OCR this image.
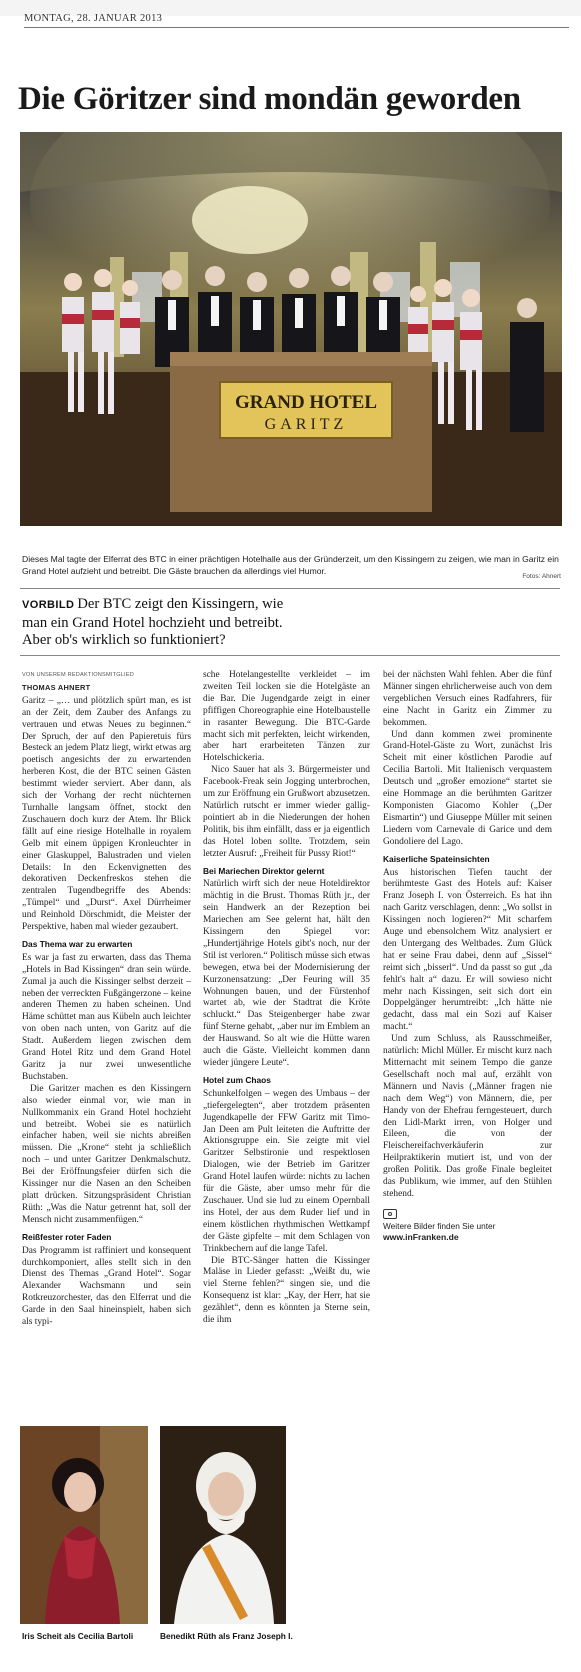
MONTAG, 28. JANUAR 2013
Die Göritzer sind mondän geworden
GRAND HOTEL
GARITZ
Dieses Mal tagte der Elferrat des BTC in einer prächtigen Hotelhalle aus der Gründerzeit, um den Kissingern zu zeigen, wie man in Garitz ein Grand Hotel aufzieht und betreibt. Die Gäste brauchen da allerdings viel Humor.
Fotos: Ahnert
VORBILD Der BTC zeigt den Kissingern, wie man ein Grand Hotel hochzieht und betreibt. Aber ob's wirklich so funktioniert?
VON UNSEREM REDAKTIONSMITGLIED
THOMAS AHNERT

Garitz – „… und plötzlich spürt man, es ist an der Zeit, dem Zauber des Anfangs zu vertrauen und etwas Neues zu beginnen.“ Der Spruch, der auf den Papieretuis fürs Besteck an jedem Platz liegt, wirkt etwas arg poetisch angesichts der zu erwartenden herberen Kost, die der BTC seinen Gästen bestimmt wieder serviert. Aber dann, als sich der Vorhang der recht nüchternen Turnhalle langsam öffnet, stockt den Zuschauern doch kurz der Atem. Ihr Blick fällt auf eine riesige Hotelhalle in royalem Gelb mit einem üppigen Kronleuchter in einer Glaskuppel, Balustraden und vielen Details: In den Eckenvignetten des dekorativen Deckenfreskos stehen die zentralen Tugendbegriffe des Abends: „Tümpel“ und „Durst“. Axel Dürrheimer und Reinhold Dörschmidt, die Meister der Perspektive, haben mal wieder gezaubert.

Das Thema war zu erwarten

Es war ja fast zu erwarten, dass das Thema „Hotels in Bad Kissingen“ dran sein würde. Zumal ja auch die Kissinger selbst derzeit – neben der verreckten Fußgängerzone – keine anderen Themen zu haben scheinen. Und Häme schüttet man aus Kübeln auch leichter von oben nach unten, von Garitz auf die Stadt. Außerdem liegen zwischen dem Grand Hotel Ritz und dem Grand Hotel Garitz ja nur zwei unwesentliche Buchstaben.

Die Garitzer machen es den Kissingern also wieder einmal vor, wie man in Nullkommanix ein Grand Hotel hochzieht und betreibt. Wobei sie es natürlich einfacher haben, weil sie nichts abreißen müssen. Die „Krone“ steht ja schließlich noch – und unter Garitzer Denkmalschutz. Bei der Eröffnungsfeier dürfen sich die Kissinger nur die Nasen an den Scheiben platt drücken. Sitzungspräsident Christian Rüth: „Was die Natur getrennt hat, soll der Mensch nicht zusammenfügen.“

Reißfester roter Faden

Das Programm ist raffiniert und konsequent durchkomponiert, alles stellt sich in den Dienst des Themas „Grand Hotel“. Sogar Alexander Wachsmann und sein Rotkreuzorchester, das den Elferrat und die Garde in den Saal hineinspielt, haben sich als typi-

sche Hotelangestellte verkleidet – im zweiten Teil locken sie die Hotelgäste an die Bar. Die Jugendgarde zeigt in einer pfiffigen Choreographie eine Hotelbaustelle in rasanter Bewegung. Die BTC-Garde macht sich mit perfekten, leicht wirkenden, aber hart erarbeiteten Tänzen zur Hotelschickeria.

Nico Sauer hat als 3. Bürgermeister und Facebook-Freak sein Jogging unterbrochen, um zur Eröffnung ein Grußwort abzusetzen. Natürlich rutscht er immer wieder gallig-pointiert ab in die Niederungen der hohen Politik, bis ihm einfällt, dass er ja eigentlich das Hotel loben sollte. Trotzdem, sein letzter Ausruf: „Freiheit für Pussy Riot!“

Bei Mariechen Direktor gelernt

Natürlich wirft sich der neue Hoteldirektor mächtig in die Brust. Thomas Rüth jr., der sein Handwerk an der Rezeption bei Mariechen am See gelernt hat, hält den Kissingern den Spiegel vor: „Hundertjährige Hotels gibt's noch, nur der Stil ist verloren.“ Politisch müsse sich etwas bewegen, etwa bei der Modernisierung der Kurzonensatzung: „Der Feuring will 35 Wohnungen bauen, und der Fürstenhof wartet ab, wie der Stadtrat die Kröte schluckt.“ Das Steigenberger habe zwar fünf Sterne gehabt, „aber nur im Emblem an der Hauswand. So alt wie die Hütte waren auch die Gäste. Vielleicht kommen dann wieder jüngere Leute“.

Hotel zum Chaos

Schunkelfolgen – wegen des Umbaus – der „tiefergelegten“, aber trotzdem präsenten Jugendkapelle der FFW Garitz mit Timo-Jan Deen am Pult leiteten die Auftritte der Aktionsgruppe ein. Sie zeigte mit viel Garitzer Selbstironie und respektlosen Dialogen, wie der Betrieb im Garitzer Grand Hotel laufen würde: nichts zu lachen für die Gäste, aber umso mehr für die Zuschauer. Und sie lud zu einem Opernball ins Hotel, der aus dem Ruder lief und in einem köstlichen rhythmischen Wettkampf der Gäste gipfelte – mit dem Schlagen von Trinkbechern auf die lange Tafel.

Die BTC-Sänger hatten die Kissinger Maläse in Lieder gefasst: „Weißt du, wie viel Sterne fehlen?“ singen sie, und die Konsequenz ist klar: „Kay, der Herr, hat sie gezählet“, denn es könnten ja Sterne sein, die ihm

bei der nächsten Wahl fehlen. Aber die fünf Männer singen ehrlicherweise auch von dem vergeblichen Versuch eines Radfahrers, für eine Nacht in Garitz ein Zimmer zu bekommen.

Und dann kommen zwei prominente Grand-Hotel-Gäste zu Wort, zunächst Iris Scheit mit einer köstlichen Parodie auf Cecilia Bartoli. Mit Italienisch verquastem Deutsch und „großer emozione“ startet sie eine Hommage an die berühmten Garitzer Komponisten Giacomo Kohler („Der Eismartin“) und Giuseppe Müller mit seinen Liedern vom Carnevale di Garice und dem Gondoliere del Lago.

Kaiserliche Spateinsichten

Aus historischen Tiefen taucht der berühmteste Gast des Hotels auf: Kaiser Franz Joseph I. von Österreich. Es hat ihn nach Garitz verschlagen, denn: „Wo sollst in Kissingen noch logieren?“ Mit scharfem Auge und ebensolchem Witz analysiert er den Untergang des Weltbades. Zum Glück hat er seine Frau dabei, denn auf „Sissel“ reimt sich „bisserl“. Und da passt so gut „da fehlt's halt a“ dazu. Er will sowieso nicht mehr nach Kissingen, seit sich dort ein Doppelgänger herumtreibt: „Ich hätte nie gedacht, dass mal ein Sozi auf Kaiser macht.“

Und zum Schluss, als Rausschmeißer, natürlich: Michl Müller. Er mischt kurz nach Mitternacht mit seinem Tempo die ganze Gesellschaft noch mal auf, erzählt von Männern und Navis („Männer fragen nie nach dem Weg“) von Männern, die, per Handy von der Ehefrau ferngesteuert, durch den Lidl-Markt irren, von Holger und Eileen, die von der Fleischereifachverkäuferin zur Heilpraktikerin mutiert ist, und von der großen Politik. Das große Finale begleitet das Publikum, wie immer, auf den Stühlen stehend.

Weitere Bilder finden Sie unter
www.inFranken.de
Iris Scheit als Cecilia Bartoli	Benedikt Rüth als Franz Joseph I.
